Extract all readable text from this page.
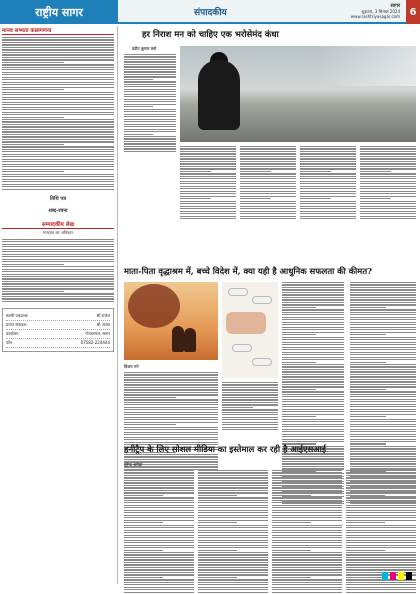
राष्ट्रीय सागर	संपादकीय
सागर
शुक्रवार, 3 सितंबर 2024
www.rashtriyasagar.com 6
मानव सभ्यता कालगणना
तिथि पत्र
शब्द-रचना
सम्पादकीय लेख
मतदाता का अधिकार
स्वामी प्रकाशक	श्री राजेश
प्रधान संपादक	श्री अजय
कार्यालय	गोपालगंज, सागर
फोन	07582-224444
हर निराश मन को चाहिए एक भरोसेमंद कंधा
प्रदीप कुमार वर्मा
माता-पिता वृद्धाश्रम में, बच्चे विदेश में, क्या यही है आधुनिक सफलता की कीमत?
विजय गर्ग
हनीट्रैप के लिए सोशल मीडिया का इस्तेमाल कर रही है आईएसआई
सुरेन्द्र अरोड़ा
